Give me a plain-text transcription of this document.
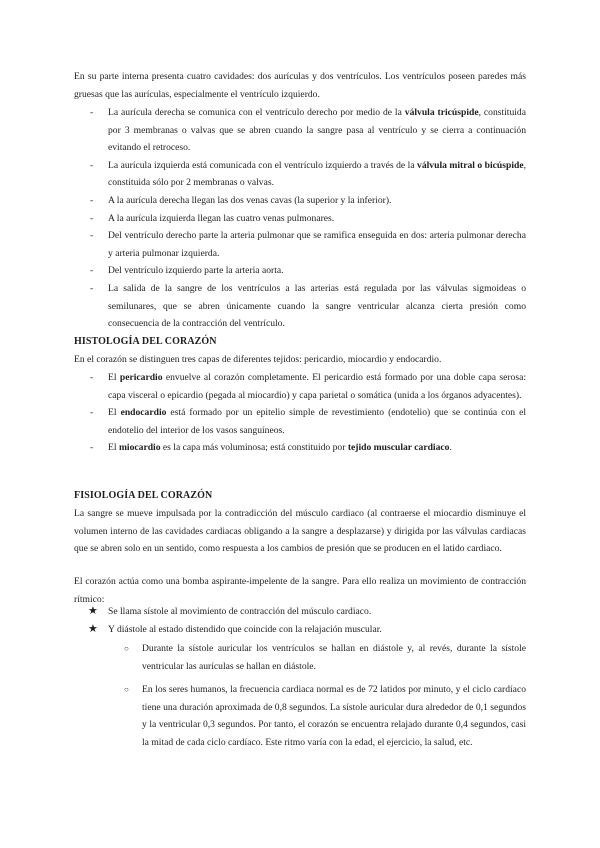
En su parte interna presenta cuatro cavidades: dos aurículas y dos ventrículos. Los ventrículos poseen paredes más gruesas que las aurículas, especialmente el ventrículo izquierdo.
- La aurícula derecha se comunica con el ventrículo derecho por medio de la válvula tricúspide, constituida por 3 membranas o valvas que se abren cuando la sangre pasa al ventrículo y se cierra a continuación evitando el retroceso.
- La aurícula izquierda está comunicada con el ventrículo izquierdo a través de la válvula mitral o bicúspide, constituida sólo por 2 membranas o valvas.
- A la aurícula derecha llegan las dos venas cavas (la superior y la inferior).
- A la aurícula izquierda llegan las cuatro venas pulmonares.
- Del ventrículo derecho parte la arteria pulmonar que se ramifica enseguida en dos: arteria pulmonar derecha y arteria pulmonar izquierda.
- Del ventrículo izquierdo parte la arteria aorta.
- La salida de la sangre de los ventrículos a las arterias está regulada por las válvulas sigmoideas o semilunares, que se abren únicamente cuando la sangre ventricular alcanza cierta presión como consecuencia de la contracción del ventrículo.
HISTOLOGÍA DEL CORAZÓN
En el corazón se distinguen tres capas de diferentes tejidos: pericardio, miocardio y endocardio.
- El pericardio envuelve al corazón completamente. El pericardio está formado por una doble capa serosa: capa visceral o epicardio (pegada al miocardio) y capa parietal o somática (unida a los órganos adyacentes).
- El endocardio está formado por un epitelio simple de revestimiento (endotelio) que se continúa con el endotelio del interior de los vasos sanguíneos.
- El miocardio es la capa más voluminosa; está constituido por tejido muscular cardiaco.
FISIOLOGÍA DEL CORAZÓN
La sangre se mueve impulsada por la contradicción del músculo cardiaco (al contraerse el miocardio disminuye el volumen interno de las cavidades cardiacas obligando a la sangre a desplazarse) y dirigida por las válvulas cardiacas que se abren solo en un sentido, como respuesta a los cambios de presión que se producen en el latido cardiaco.
El corazón actúa como una bomba aspirante-impelente de la sangre. Para ello realiza un movimiento de contracción rítmico:
★ Se llama sístole al movimiento de contracción del músculo cardiaco.
★ Y diástole al estado distendido que coincide con la relajación muscular.
○ Durante la sístole auricular los ventrículos se hallan en diástole y, al revés, durante la sístole ventricular las aurículas se hallan en diástole.
○ En los seres humanos, la frecuencia cardiaca normal es de 72 latidos por minuto, y el ciclo cardíaco tiene una duración aproximada de 0,8 segundos. La sístole auricular dura alrededor de 0,1 segundos y la ventricular 0,3 segundos. Por tanto, el corazón se encuentra relajado durante 0,4 segundos, casi la mitad de cada ciclo cardíaco. Este ritmo varía con la edad, el ejercicio, la salud, etc.
